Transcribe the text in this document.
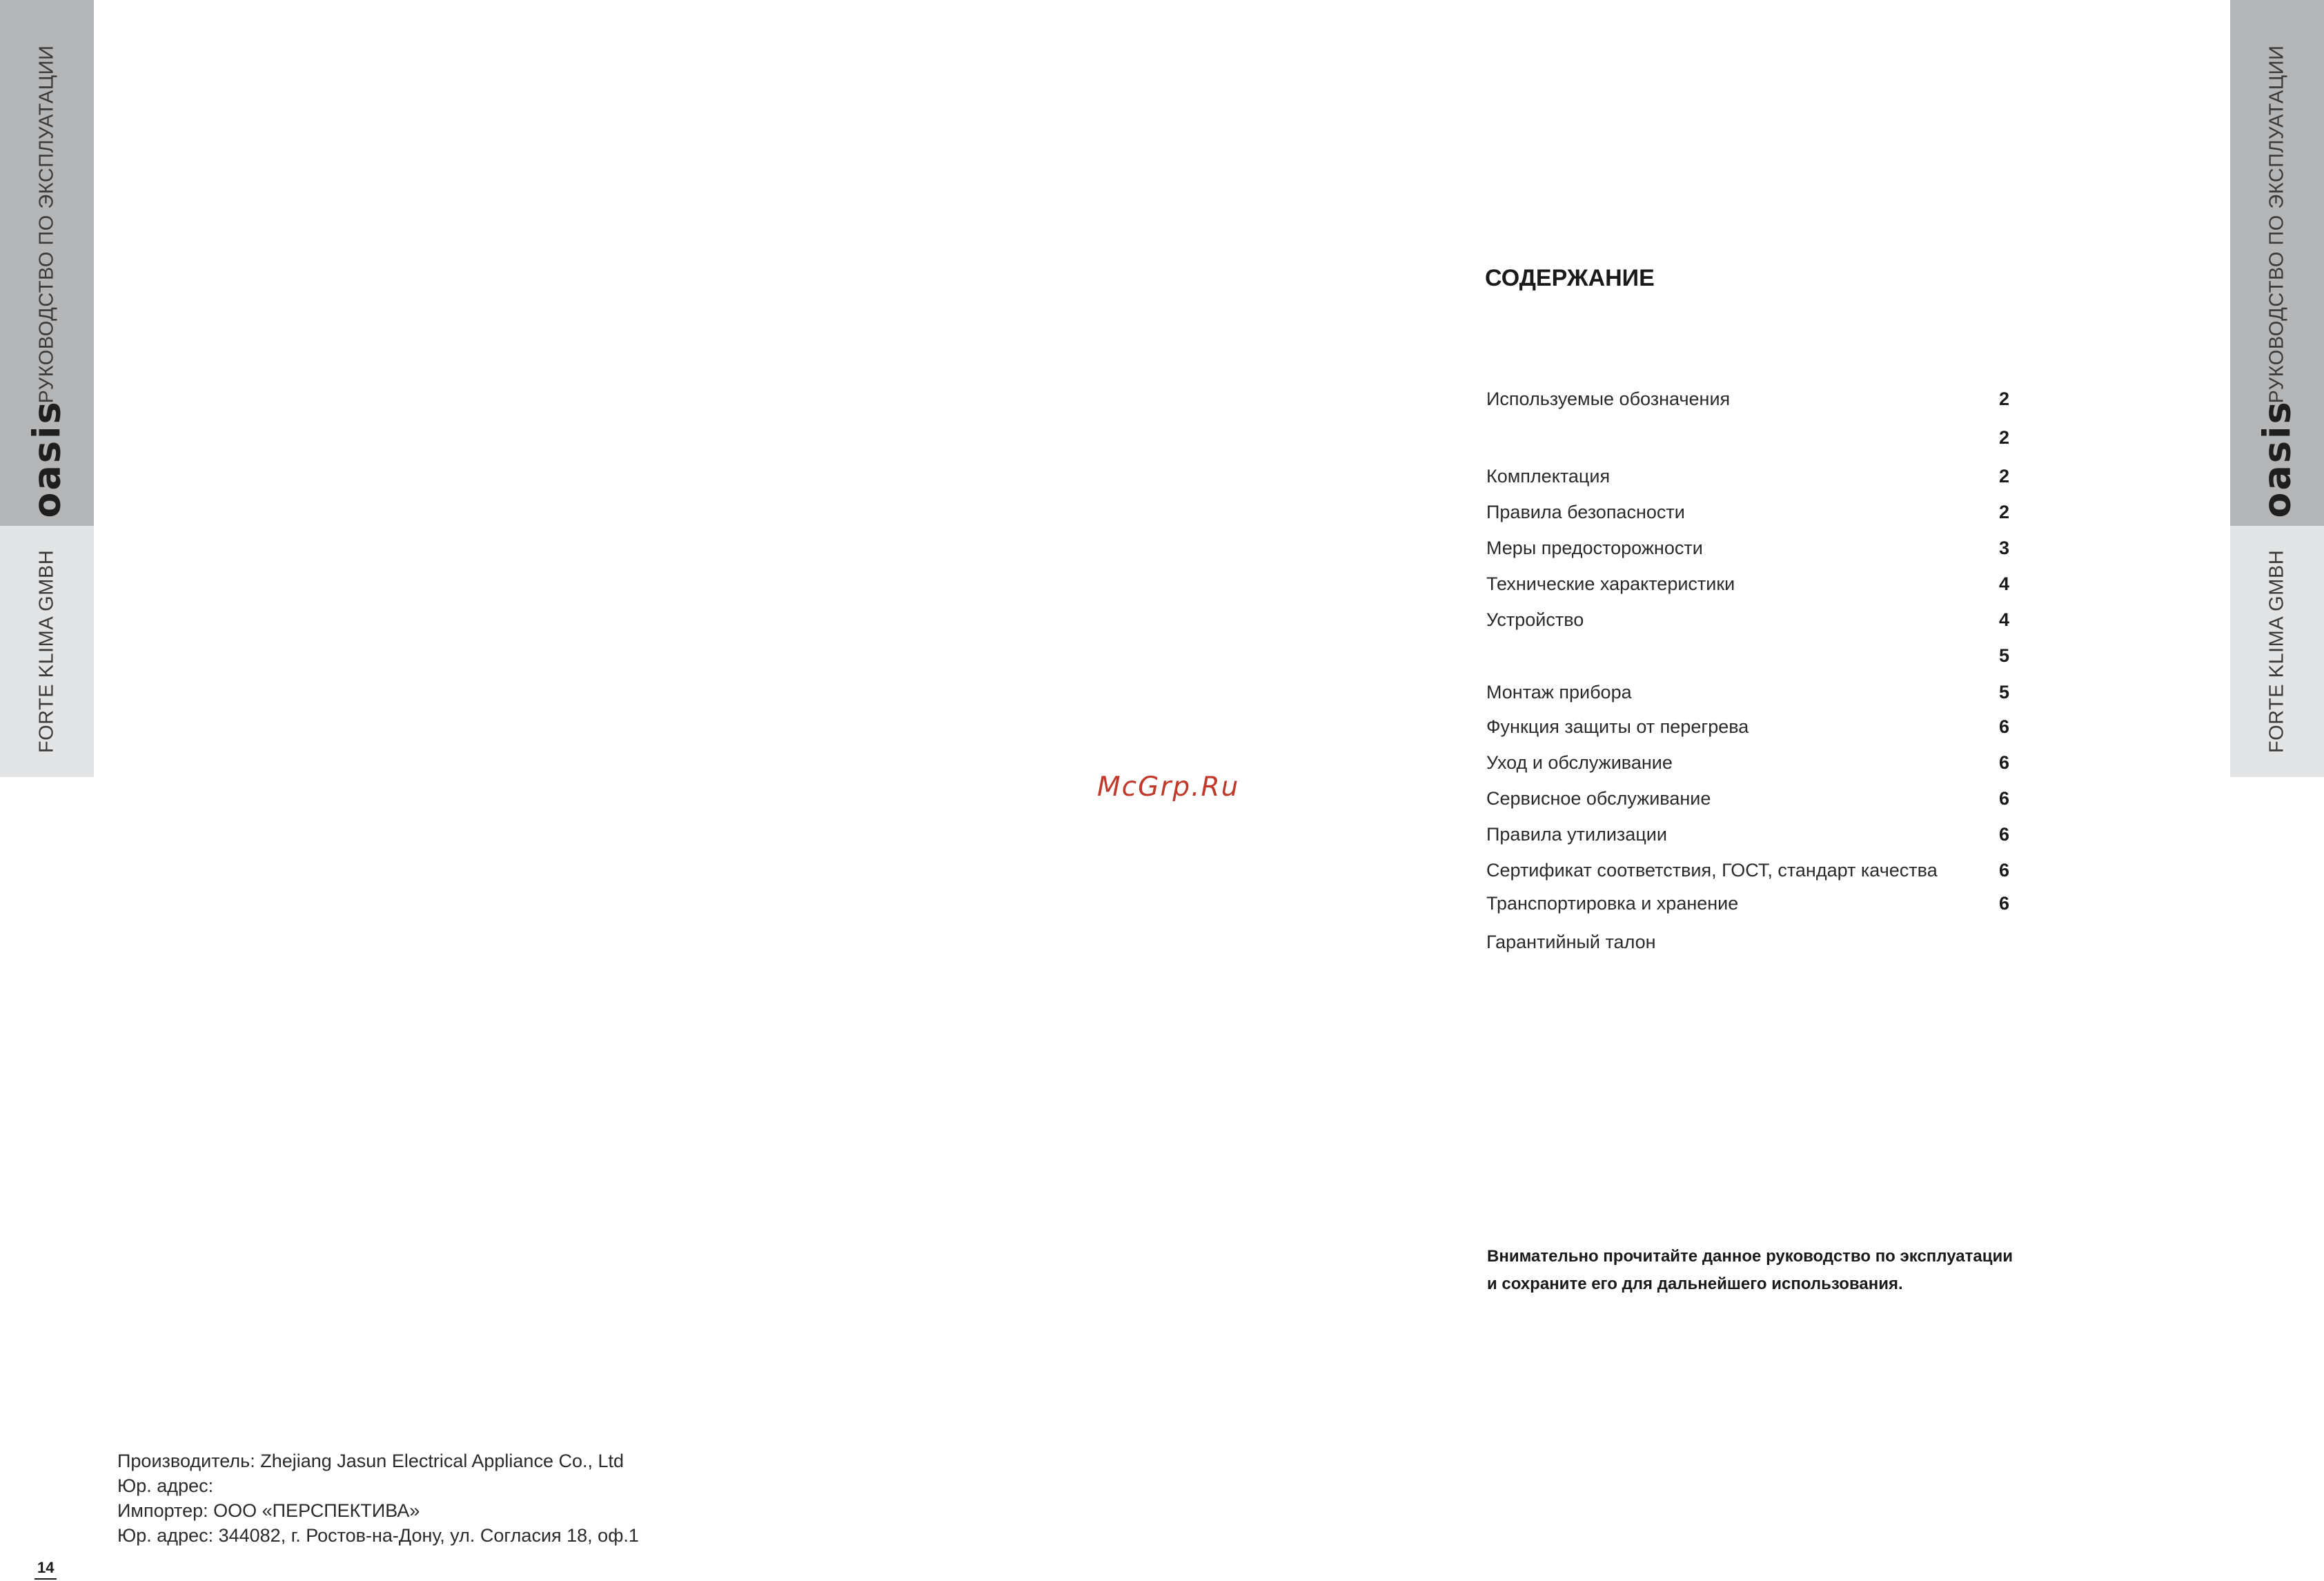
РУКОВОДСТВО ПО ЭКСПЛУАТАЦИИ
oasis
FORTE KLIMA GMBH
РУКОВОДСТВО ПО ЭКСПЛУАТАЦИИ
oasis
FORTE KLIMA GMBH
McGrp.Ru
СОДЕРЖАНИЕ
Используемые обозначения	2
2
Комплектация	2
Правила безопасности	2
Меры предосторожности	3
Технические характеристики	4
Устройство	4
5
Монтаж прибора	5
Функция защиты от перегрева	6
Уход и обслуживание	6
Сервисное обслуживание	6
Правила утилизации	6
Сертификат соответствия, ГОСТ, стандарт качества	6
Транспортировка и хранение	6
Гарантийный талон
Внимательно прочитайте данное руководство по эксплуатации
и сохраните его для дальнейшего использования.
Производитель: Zhejiang Jasun Electrical Appliance Co., Ltd
Юр. адрес:
Импортер: ООО «ПЕРСПЕКТИВА»
Юр. адрес: 344082, г. Ростов-на-Дону, ул. Согласия 18, оф.1
14
